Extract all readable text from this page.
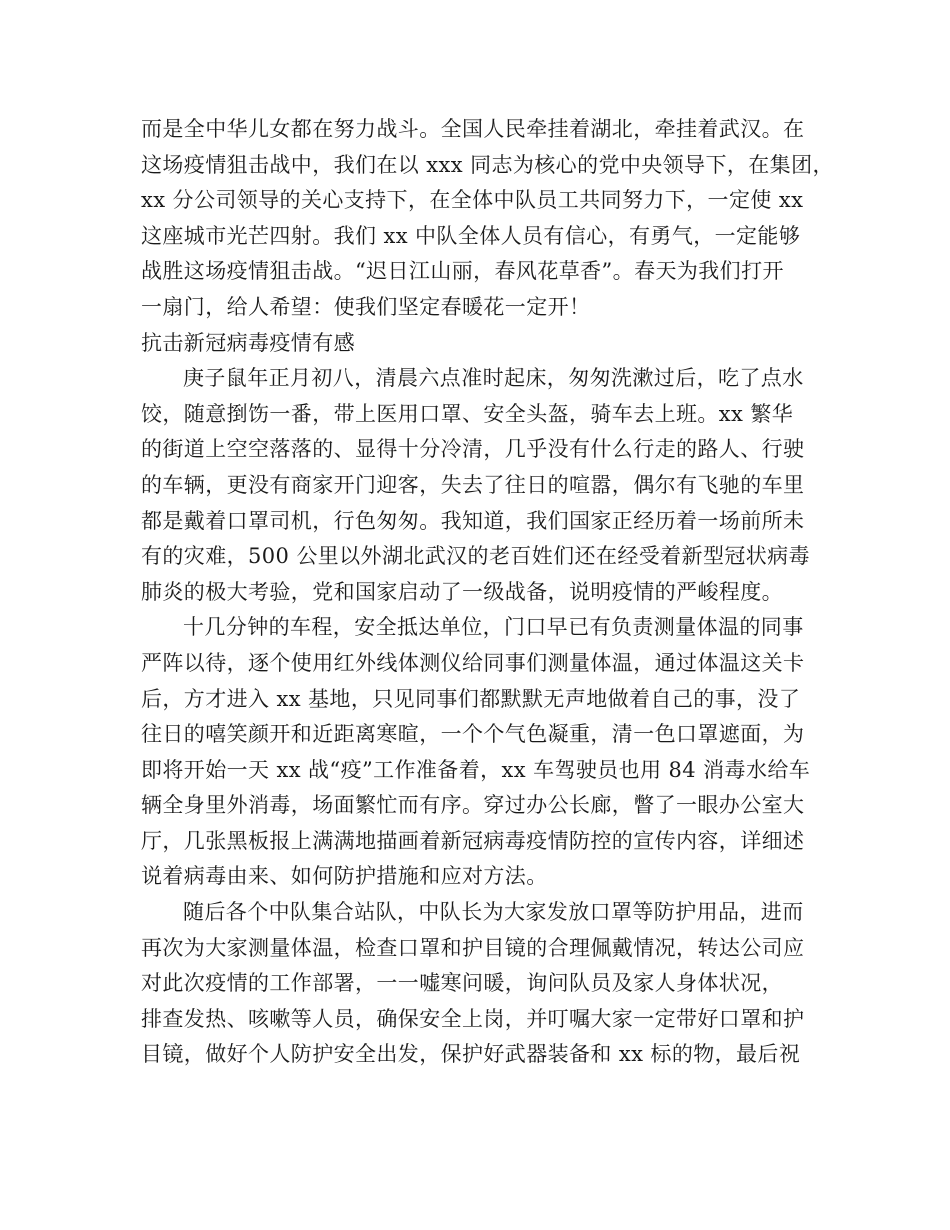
而是全中华儿女都在努力战斗。全国人民牵挂着湖北，牵挂着武汉。在
这场疫情狙击战中，我们在以 xxx 同志为核心的党中央领导下，在集团，
xx 分公司领导的关心支持下，在全体中队员工共同努力下，一定使 xx
这座城市光芒四射。我们 xx 中队全体人员有信心，有勇气，一定能够
战胜这场疫情狙击战。“迟日江山丽，春风花草香”。春天为我们打开
一扇门，给人希望：使我们坚定春暖花一定开！
抗击新冠病毒疫情有感
庚子鼠年正月初八，清晨六点准时起床，匆匆洗漱过后，吃了点水
饺，随意捯饬一番，带上医用口罩、安全头盔，骑车去上班。xx 繁华
的街道上空空落落的、显得十分冷清，几乎没有什么行走的路人、行驶
的车辆，更没有商家开门迎客，失去了往日的喧嚣，偶尔有飞驰的车里
都是戴着口罩司机，行色匆匆。我知道，我们国家正经历着一场前所未
有的灾难，500 公里以外湖北武汉的老百姓们还在经受着新型冠状病毒
肺炎的极大考验，党和国家启动了一级战备，说明疫情的严峻程度。
十几分钟的车程，安全抵达单位，门口早已有负责测量体温的同事
严阵以待，逐个使用红外线体测仪给同事们测量体温，通过体温这关卡
后，方才进入 xx 基地，只见同事们都默默无声地做着自己的事，没了
往日的嘻笑颜开和近距离寒暄，一个个气色凝重，清一色口罩遮面，为
即将开始一天 xx 战“疫”工作准备着，xx 车驾驶员也用 84 消毒水给车
辆全身里外消毒，场面繁忙而有序。穿过办公长廊，瞥了一眼办公室大
厅，几张黑板报上满满地描画着新冠病毒疫情防控的宣传内容，详细述
说着病毒由来、如何防护措施和应对方法。
随后各个中队集合站队，中队长为大家发放口罩等防护用品，进而
再次为大家测量体温，检查口罩和护目镜的合理佩戴情况，转达公司应
对此次疫情的工作部署，一一嘘寒问暖，询问队员及家人身体状况，
排查发热、咳嗽等人员，确保安全上岗，并叮嘱大家一定带好口罩和护
目镜，做好个人防护安全出发，保护好武器装备和 xx 标的物，最后祝
